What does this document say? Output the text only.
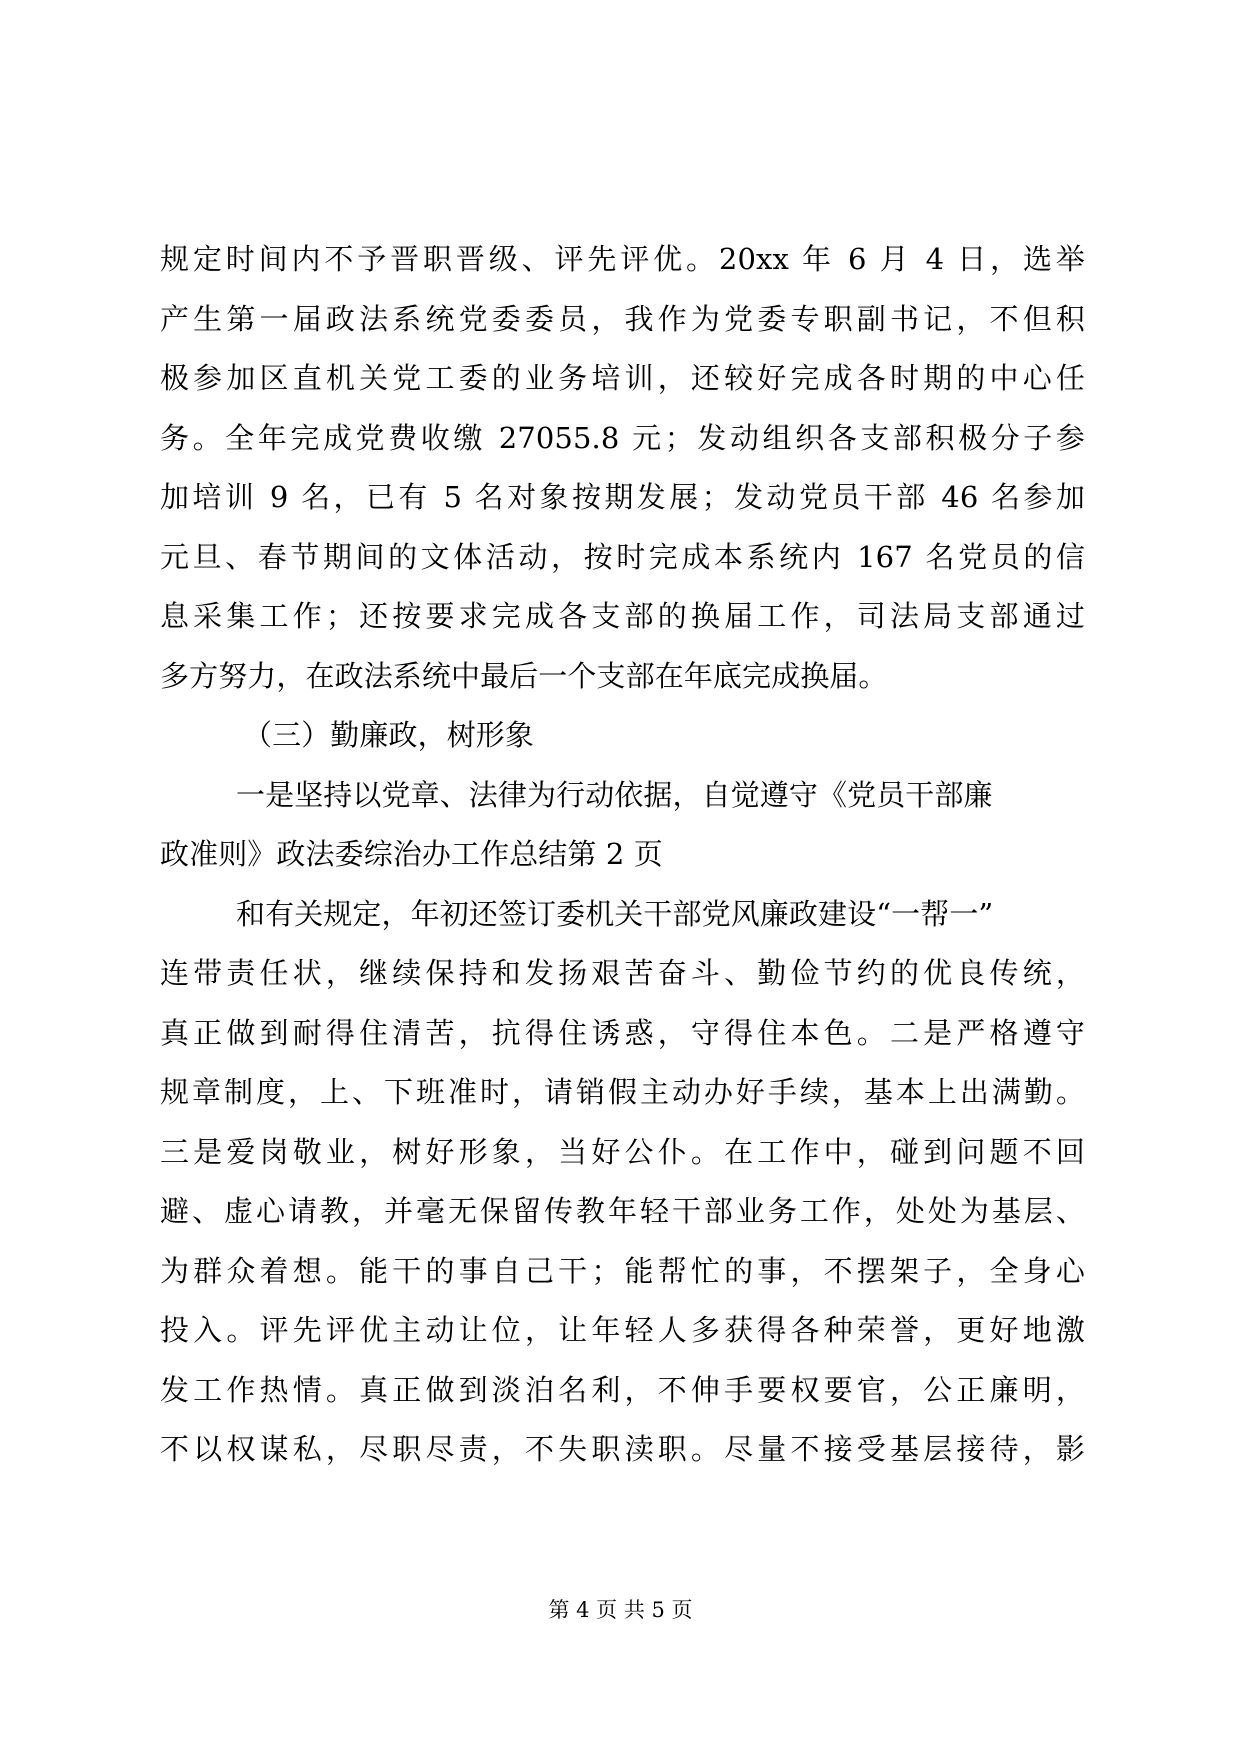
规定时间内不予晋职晋级、评先评优。20xx 年 6 月 4 日，选举
产生第一届政法系统党委委员，我作为党委专职副书记，不但积
极参加区直机关党工委的业务培训，还较好完成各时期的中心任
务。全年完成党费收缴 27055.8 元；发动组织各支部积极分子参
加培训 9 名，已有 5 名对象按期发展；发动党员干部 46 名参加
元旦、春节期间的文体活动，按时完成本系统内 167 名党员的信
息采集工作；还按要求完成各支部的换届工作，司法局支部通过
多方努力，在政法系统中最后一个支部在年底完成换届。
（三）勤廉政，树形象
一是坚持以党章、法律为行动依据，自觉遵守《党员干部廉
政准则》政法委综治办工作总结第 2 页
和有关规定，年初还签订委机关干部党风廉政建设“一帮一”
连带责任状，继续保持和发扬艰苦奋斗、勤俭节约的优良传统，
真正做到耐得住清苦，抗得住诱惑，守得住本色。二是严格遵守
规章制度，上、下班准时，请销假主动办好手续，基本上出满勤。
三是爱岗敬业，树好形象，当好公仆。在工作中，碰到问题不回
避、虚心请教，并毫无保留传教年轻干部业务工作，处处为基层、
为群众着想。能干的事自己干；能帮忙的事，不摆架子，全身心
投入。评先评优主动让位，让年轻人多获得各种荣誉，更好地激
发工作热情。真正做到淡泊名利，不伸手要权要官，公正廉明，
不以权谋私，尽职尽责，不失职渎职。尽量不接受基层接待，影
第 4 页 共 5 页
